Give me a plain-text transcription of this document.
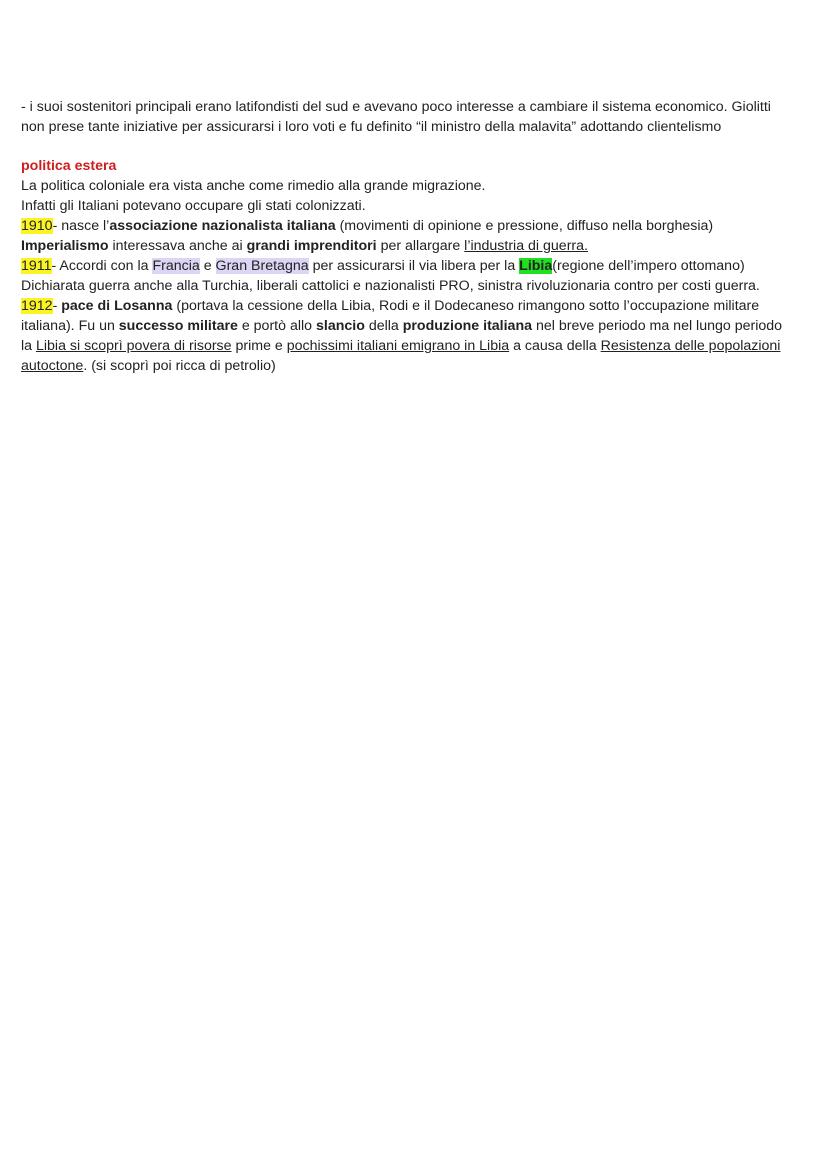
- i suoi sostenitori principali erano latifondisti del sud e avevano poco interesse a cambiare il sistema economico. Giolitti
non prese tante iniziative per assicurarsi i loro voti e fu definito “il ministro della malavita” adottando clientelismo

politica estera
La politica coloniale era vista anche come rimedio alla grande migrazione.
Infatti gli Italiani potevano occupare gli stati colonizzati.
1910- nasce l’associazione nazionalista italiana (movimenti di opinione e pressione, diffuso nella borghesia)
Imperialismo interessava anche ai grandi imprenditori per allargare l’industria di guerra.
1911- Accordi con la Francia e Gran Bretagna per assicurarsi il via libera per la Libia(regione dell’impero ottomano)
Dichiarata guerra anche alla Turchia, liberali cattolici e nazionalisti PRO, sinistra rivoluzionaria contro per costi guerra.
1912- pace di Losanna (portava la cessione della Libia, Rodi e il Dodecaneso rimangono sotto l’occupazione militare
italiana). Fu un successo militare e portò allo slancio della produzione italiana nel breve periodo ma nel lungo periodo
la Libia si scoprì povera di risorse prime e pochissimi italiani emigrano in Libia a causa della Resistenza delle popolazioni
autoctone. (si scoprì poi ricca di petrolio)
